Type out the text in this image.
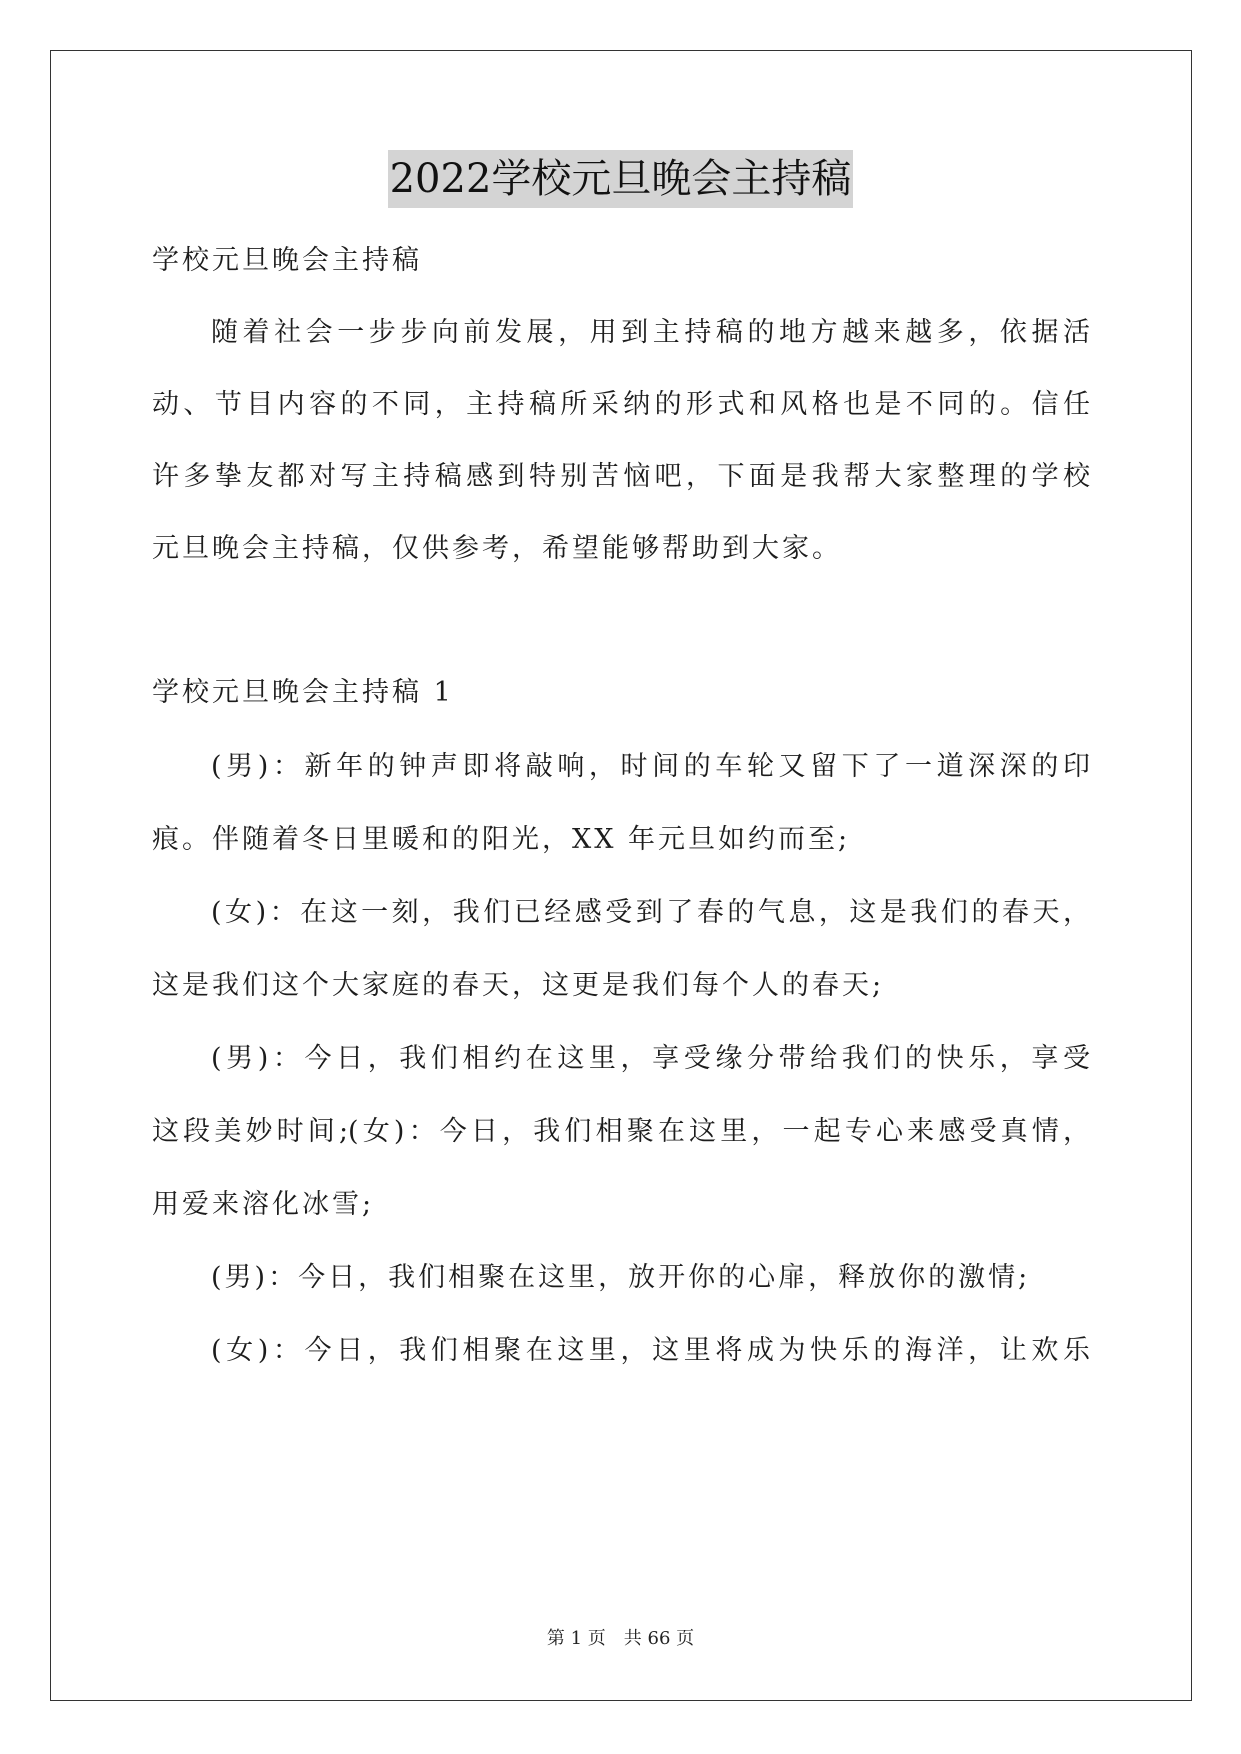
2022学校元旦晚会主持稿
学校元旦晚会主持稿
随着社会一步步向前发展，用到主持稿的地方越来越多，依据活
动、节目内容的不同，主持稿所采纳的形式和风格也是不同的。信任
许多挚友都对写主持稿感到特别苦恼吧，下面是我帮大家整理的学校
元旦晚会主持稿，仅供参考，希望能够帮助到大家。
学校元旦晚会主持稿 1
(男)：新年的钟声即将敲响，时间的车轮又留下了一道深深的印
痕。伴随着冬日里暖和的阳光，XX 年元旦如约而至;
(女)：在这一刻，我们已经感受到了春的气息，这是我们的春天，
这是我们这个大家庭的春天，这更是我们每个人的春天;
(男)：今日，我们相约在这里，享受缘分带给我们的快乐，享受
这段美妙时间;(女)：今日，我们相聚在这里，一起专心来感受真情，
用爱来溶化冰雪;
(男)：今日，我们相聚在这里，放开你的心扉，释放你的激情;
(女)：今日，我们相聚在这里，这里将成为快乐的海洋，让欢乐
第 1 页　共 66 页
